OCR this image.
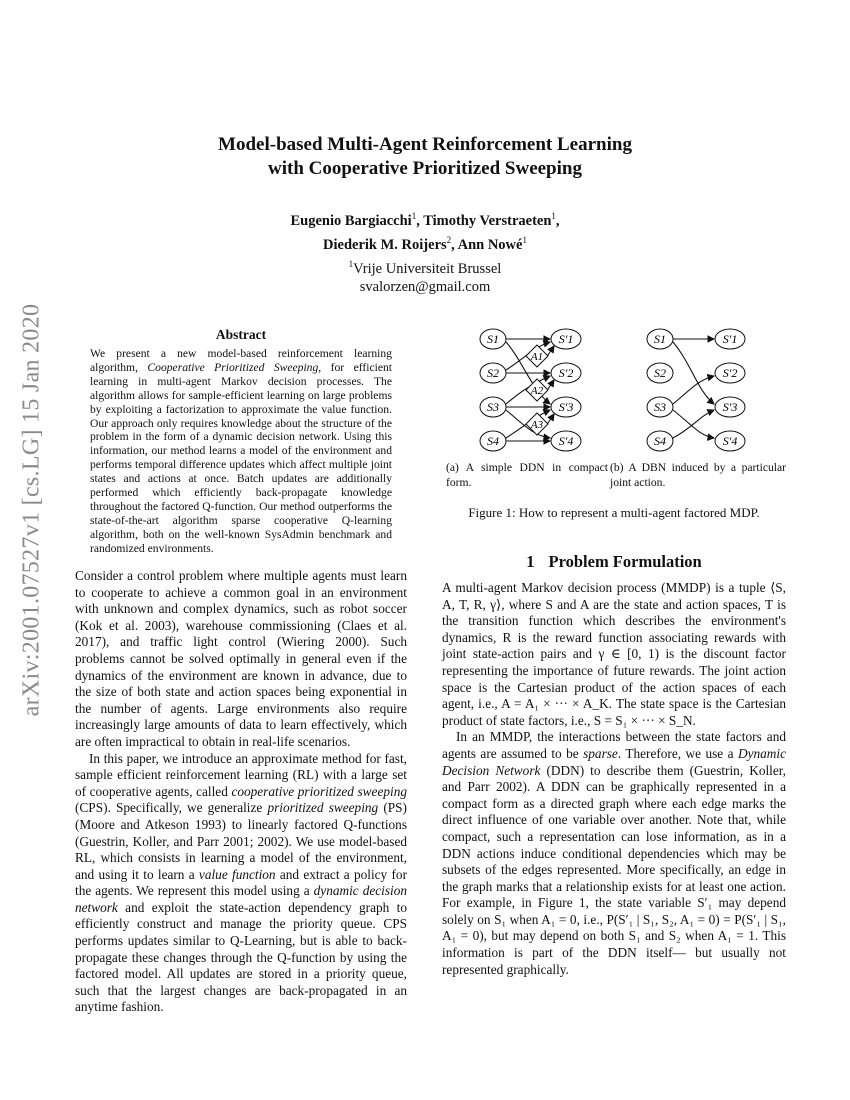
arXiv:2001.07527v1 [cs.LG] 15 Jan 2020
Model-based Multi-Agent Reinforcement Learning
with Cooperative Prioritized Sweeping
Eugenio Bargiacchi$^1$, Timothy Verstraeten$^1$,
Diederik M. Roijers$^2$, Ann Nowé$^1$
$^1$Vrije Universiteit Brussel
svalorzen@gmail.com
Abstract
We present a new model-based reinforcement learning algorithm, Cooperative Prioritized Sweeping, for efficient learning in multi-agent Markov decision processes. The algorithm allows for sample-efficient learning on large problems by exploiting a factorization to approximate the value function. Our approach only requires knowledge about the structure of the problem in the form of a dynamic decision network. Using this information, our method learns a model of the environment and performs temporal difference updates which affect multiple joint states and actions at once. Batch updates are additionally performed which efficiently back-propagate knowledge throughout the factored Q-function. Our method outperforms the state-of-the-art algorithm sparse cooperative Q-learning algorithm, both on the well-known SysAdmin benchmark and randomized environments.

Consider a control problem where multiple agents must learn to cooperate to achieve a common goal in an environment with unknown and complex dynamics, such as robot soccer (Kok et al. 2003), warehouse commissioning (Claes et al. 2017), and traffic light control (Wiering 2000). Such problems cannot be solved optimally in general even if the dynamics of the environment are known in advance, due to the size of both state and action spaces being exponential in the number of agents. Large environments also require increasingly large amounts of data to learn effectively, which are often impractical to obtain in real-life scenarios.

In this paper, we introduce an approximate method for fast, sample efficient reinforcement learning (RL) with a large set of cooperative agents, called cooperative prioritized sweeping (CPS). Specifically, we generalize prioritized sweeping (PS) (Moore and Atkeson 1993) to linearly factored Q-functions (Guestrin, Koller, and Parr 2001; 2002). We use model-based RL, which consists in learning a model of the environment, and using it to learn a value function and extract a policy for the agents. We represent this model using a dynamic decision network and exploit the state-action dependency graph to efficiently construct and manage the priority queue. CPS performs updates similar to Q-Learning, but is able to back-propagate these changes through the Q-function by using the factored model. All updates are stored in a priority queue, such that the largest changes are back-propagated in an anytime fashion.

S1
S2
S3
S4
S′1
S′2
S′3
S′4
A1
A2
A3
S1
S2
S3
S4
S′1
S′2
S′3
S′4
(a) A simple DDN in compact form.
(b) A DBN induced by a particular joint action.
Figure 1: How to represent a multi-agent factored MDP.
1 Problem Formulation

A multi-agent Markov decision process (MMDP) is a tuple ⟨S, A, T, R, γ⟩, where S and A are the state and action spaces, T is the transition function which describes the environment's dynamics, R is the reward function associating rewards with joint state-action pairs and γ ∈ [0, 1) is the discount factor representing the importance of future rewards. The joint action space is the Cartesian product of the action spaces of each agent, i.e., A = A₁ × ··· × A_K. The state space is the Cartesian product of state factors, i.e., S = S₁ × ··· × S_N.

In an MMDP, the interactions between the state factors and agents are assumed to be sparse. Therefore, we use a Dynamic Decision Network (DDN) to describe them (Guestrin, Koller, and Parr 2002). A DDN can be graphically represented in a compact form as a directed graph where each edge marks the direct influence of one variable over another. Note that, while compact, such a representation can lose information, as in a DDN actions induce conditional dependencies which may be subsets of the edges represented. More specifically, an edge in the graph marks that a relationship exists for at least one action. For example, in Figure 1, the state variable S′₁ may depend solely on S₁ when A₁ = 0, i.e., P(S′₁ | S₁, S₂, A₁ = 0) = P(S′₁ | S₁, A₁ = 0), but may depend on both S₁ and S₂ when A₁ = 1. This information is part of the DDN itself— but usually not represented graphically.
